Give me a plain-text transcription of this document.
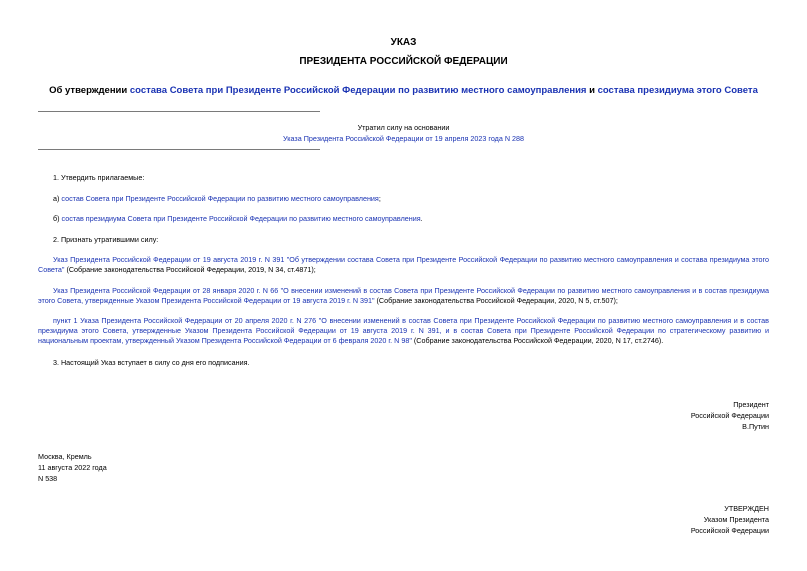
УКАЗ
ПРЕЗИДЕНТА РОССИЙСКОЙ ФЕДЕРАЦИИ
Об утверждении состава Совета при Президенте Российской Федерации по развитию местного самоуправления и состава президиума этого Совета
Утратил силу на основании
Указа Президента Российской Федерации от 19 апреля 2023 года N 288
1. Утвердить прилагаемые:
а) состав Совета при Президенте Российской Федерации по развитию местного самоуправления;
б) состав президиума Совета при Президенте Российской Федерации по развитию местного самоуправления.
2. Признать утратившими силу:
Указ Президента Российской Федерации от 19 августа 2019 г. N 391 "Об утверждении состава Совета при Президенте Российской Федерации по развитию местного самоуправления и состава президиума этого Совета" (Собрание законодательства Российской Федерации, 2019, N 34, ст.4871);
Указ Президента Российской Федерации от 28 января 2020 г. N 66 "О внесении изменений в состав Совета при Президенте Российской Федерации по развитию местного самоуправления и в состав президиума этого Совета, утвержденные Указом Президента Российской Федерации от 19 августа 2019 г. N 391" (Собрание законодательства Российской Федерации, 2020, N 5, ст.507);
пункт 1 Указа Президента Российской Федерации от 20 апреля 2020 г. N 276 "О внесении изменений в состав Совета при Президенте Российской Федерации по развитию местного самоуправления и в состав президиума этого Совета, утвержденные Указом Президента Российской Федерации от 19 августа 2019 г. N 391, и в состав Совета при Президенте Российской Федерации по стратегическому развитию и национальным проектам, утвержденный Указом Президента Российской Федерации от 6 февраля 2020 г. N 98" (Собрание законодательства Российской Федерации, 2020, N 17, ст.2746).
3. Настоящий Указ вступает в силу со дня его подписания.
Президент
Российской Федерации
В.Путин
Москва, Кремль
11 августа 2022 года
N 538
УТВЕРЖДЕН
Указом Президента
Российской Федерации
